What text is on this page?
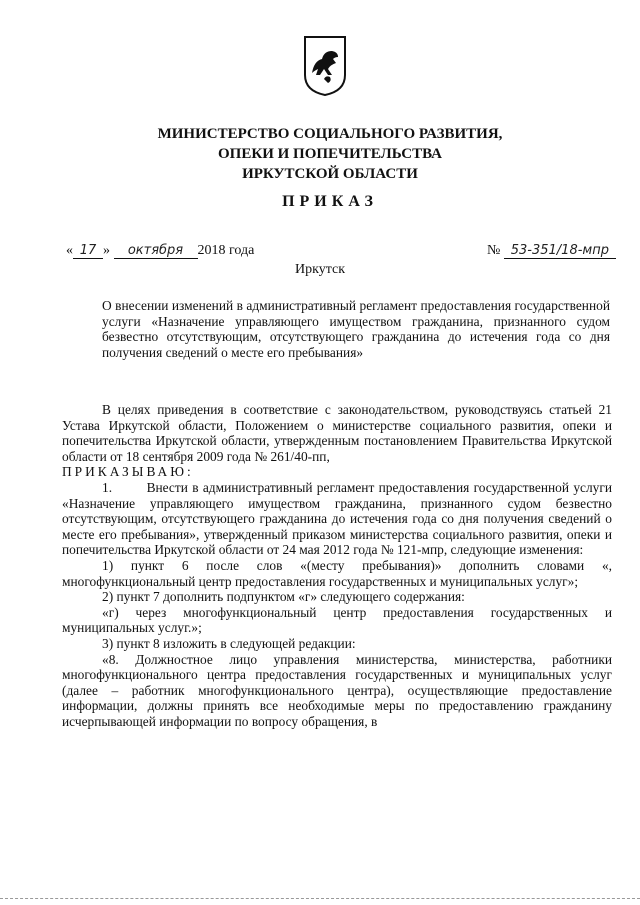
МИНИСТЕРСТВО СОЦИАЛЬНОГО РАЗВИТИЯ,
ОПЕКИ И ПОПЕЧИТЕЛЬСТВА
ИРКУТСКОЙ ОБЛАСТИ
ПРИКАЗ
« 17 » октября 2018 года	№ 53-351/18-мпр
Иркутск
О внесении изменений в административный регламент предоставления государственной услуги «Назначение управляющего имуществом гражданина, признанного судом безвестно отсутствующим, отсутствующего гражданина до истечения года со дня получения сведений о месте его пребывания»

В целях приведения в соответствие с законодательством, руководствуясь статьей 21 Устава Иркутской области, Положением о министерстве социального развития, опеки и попечительства Иркутской области, утвержденным постановлением Правительства Иркутской области от 18 сентября 2009 года № 261/40-пп,

ПРИКАЗЫВАЮ:

1.	Внести в административный регламент предоставления государственной услуги «Назначение управляющего имуществом гражданина, признанного судом безвестно отсутствующим, отсутствующего гражданина до истечения года со дня получения сведений о месте его пребывания», утвержденный приказом министерства социального развития, опеки и попечительства Иркутской области от 24 мая 2012 года № 121-мпр, следующие изменения:

1) пункт 6 после слов «(месту пребывания)» дополнить словами «, многофункциональный центр предоставления государственных и муниципальных услуг»;

2) пункт 7 дополнить подпунктом «г» следующего содержания:

«г) через многофункциональный центр предоставления государственных и муниципальных услуг.»;

3) пункт 8 изложить в следующей редакции:

«8. Должностное лицо управления министерства, министерства, работники многофункционального центра предоставления государственных и муниципальных услуг (далее – работник многофункционального центра), осуществляющие предоставление информации, должны принять все необходимые меры по предоставлению гражданину исчерпывающей информации по вопросу обращения, в
